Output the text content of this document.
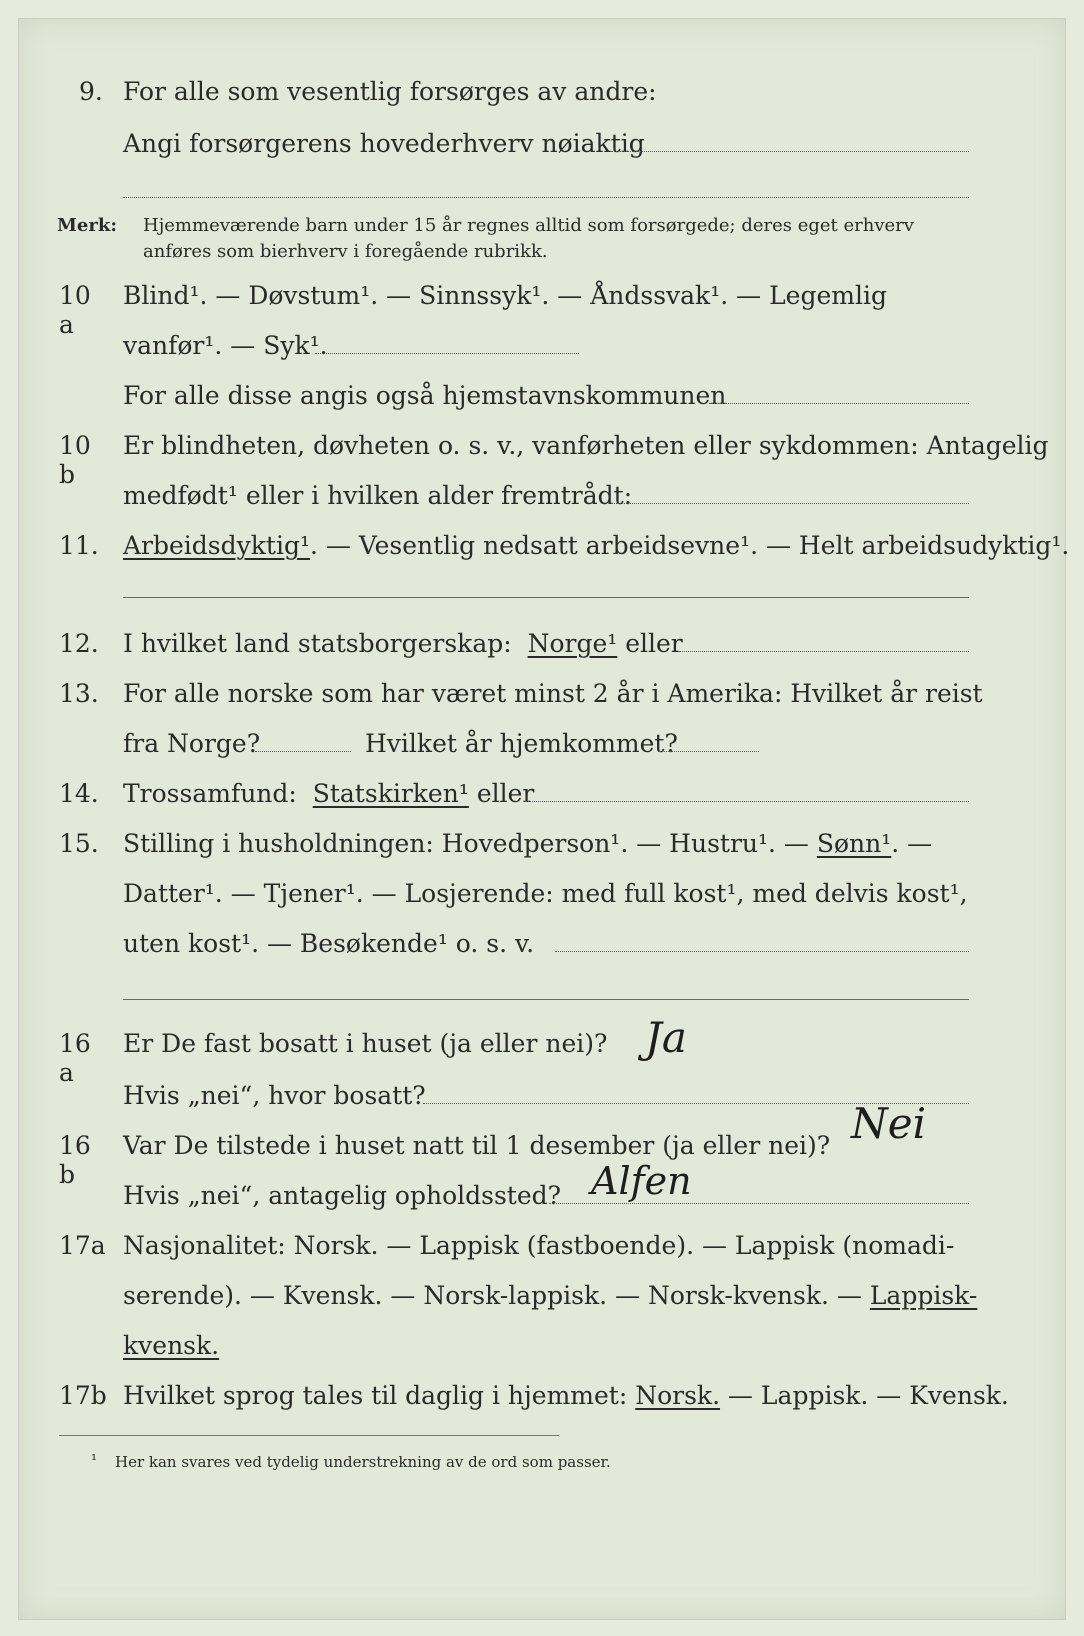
9. For alle som vesentlig forsørges av andre:
Angi forsørgerens hovederhverv nøiaktig
Merk: Hjemmeværende barn under 15 år regnes alltid som forsørgede; deres eget erhverv
anføres som bierhverv i foregående rubrikk.
10 a
Blind¹. — Døvstum¹. — Sinnssyk¹. — Åndssvak¹. — Legemlig
vanfør¹. — Syk¹.
For alle disse angis også hjemstavnskommunen
10 b
Er blindheten, døvheten o. s. v., vanførheten eller sykdommen: Antagelig
medfødt¹ eller i hvilken alder fremtrådt:
11. Arbeidsdyktig¹. — Vesentlig nedsatt arbeidsevne¹. — Helt arbeidsudyktig¹.
12. I hvilket land statsborgerskap: Norge¹ eller
13. For alle norske som har været minst 2 år i Amerika: Hvilket år reist
fra Norge?	Hvilket år hjemkommet?
14. Trossamfund: Statskirken¹ eller
15. Stilling i husholdningen: Hovedperson¹. — Hustru¹. — Sønn¹. —
Datter¹. — Tjener¹. — Losjerende: med full kost¹, med delvis kost¹,
uten kost¹. — Besøkende¹ o. s. v.
16 a
Er De fast bosatt i huset (ja eller nei)? Ja
Hvis „nei“, hvor bosatt?
16 b
Var De tilstede i huset natt til 1 desember (ja eller nei)? Nei
Hvis „nei“, antagelig opholdssted? Alfen
17a Nasjonalitet: Norsk. — Lappisk (fastboende). — Lappisk (nomadi-
serende). — Kvensk. — Norsk-lappisk. — Norsk-kvensk. — Lappisk-
kvensk.
17b Hvilket sprog tales til daglig i hjemmet: Norsk. — Lappisk. — Kvensk.
¹ Her kan svares ved tydelig understrekning av de ord som passer.
